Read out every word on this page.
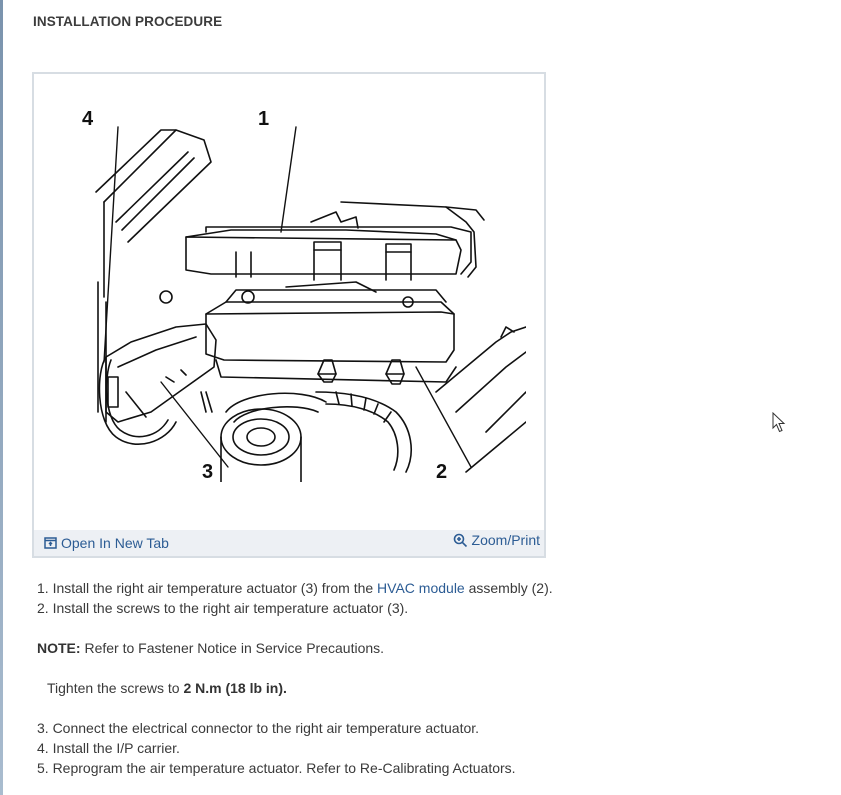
INSTALLATION PROCEDURE
4	1
3	2
Open In New Tab	Zoom/Print

1. Install the right air temperature actuator (3) from the HVAC module assembly (2).

2. Install the screws to the right air temperature actuator (3).

NOTE: Refer to Fastener Notice in Service Precautions.

Tighten the screws to 2 N.m (18 lb in).

3. Connect the electrical connector to the right air temperature actuator.

4. Install the I/P carrier.

5. Reprogram the air temperature actuator. Refer to Re-Calibrating Actuators.
